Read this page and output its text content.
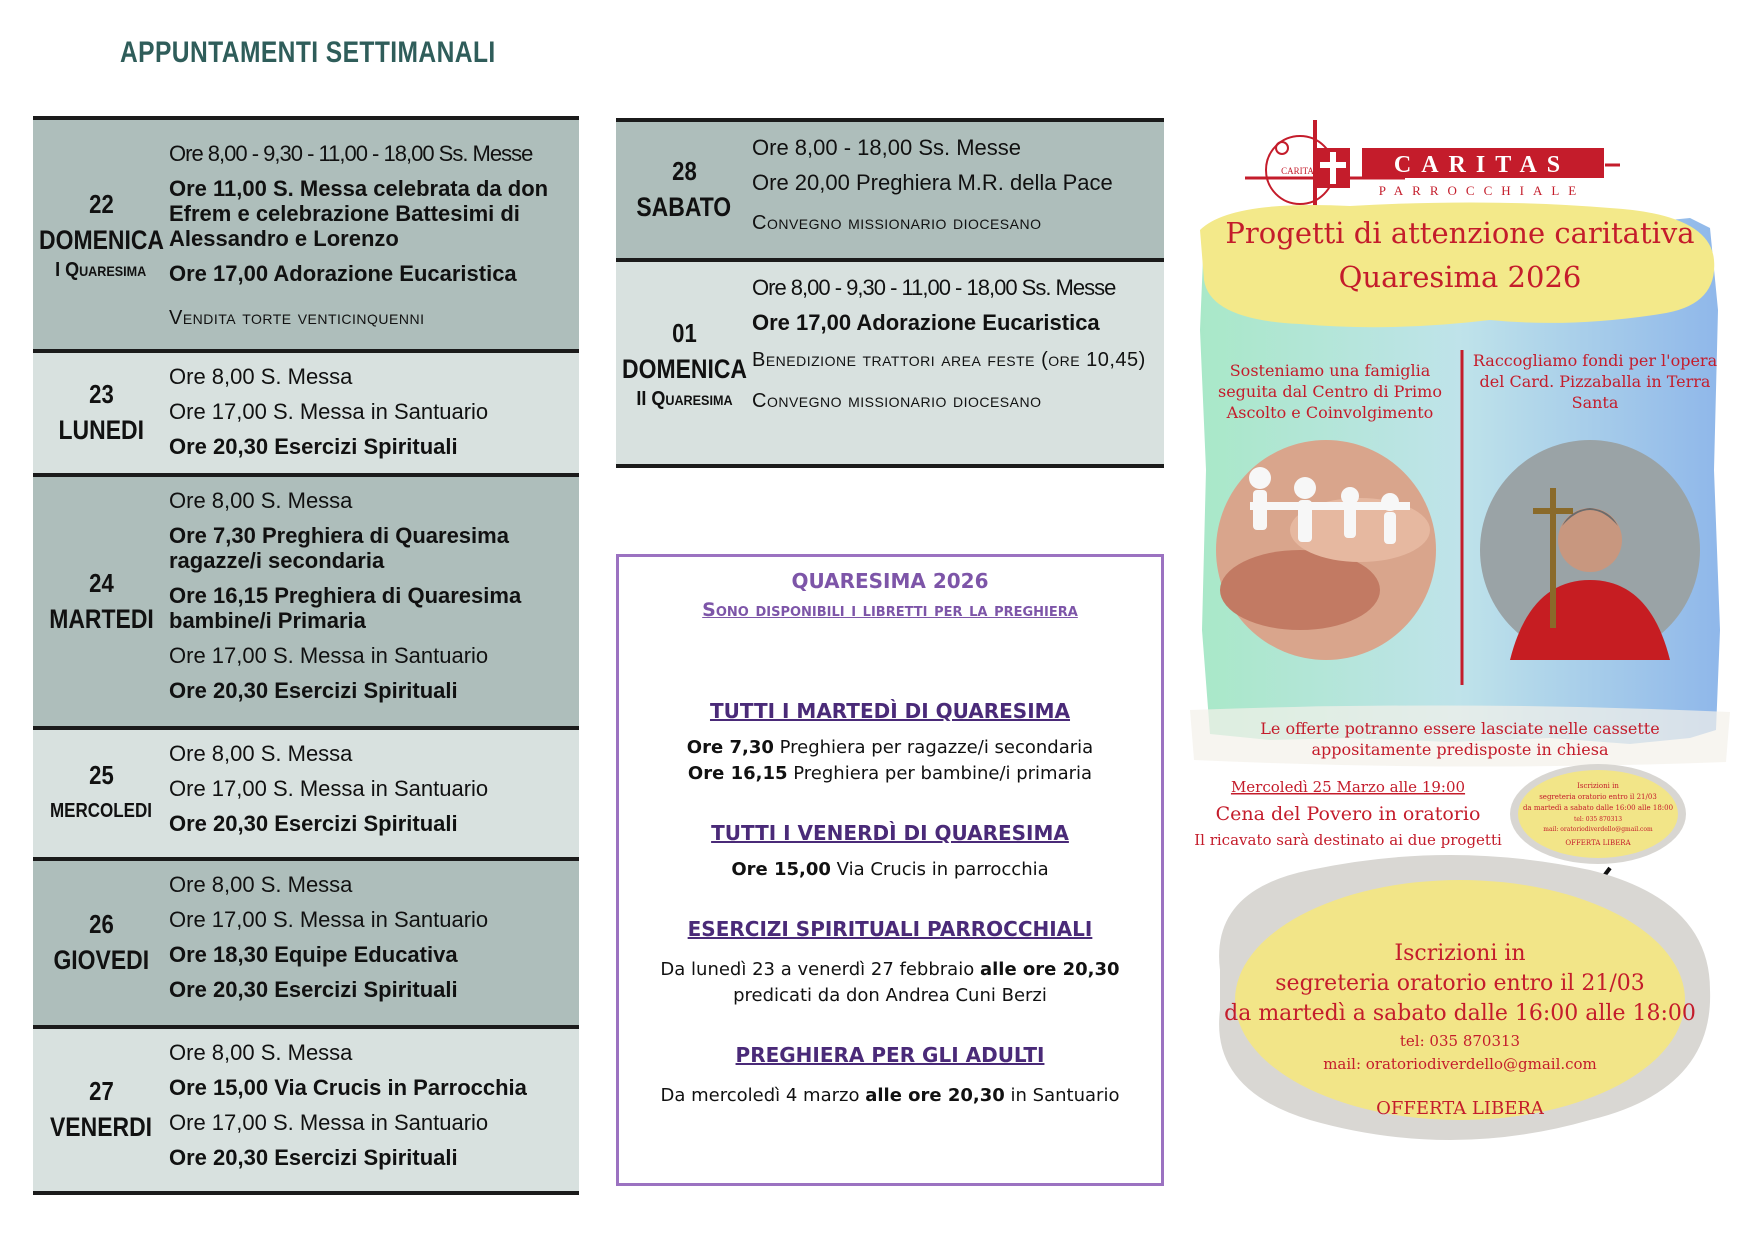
APPUNTAMENTI SETTIMANALI
22
DOMENICA
I Quaresima
Ore 8,00 - 9,30 - 11,00 - 18,00 Ss. Messe
Ore 11,00 S. Messa celebrata da don Efrem e celebrazione Battesimi di Alessandro e Lorenzo
Ore 17,00 Adorazione Eucaristica
Vendita torte venticinquenni
23
LUNEDI
Ore 8,00 S. Messa
Ore 17,00 S. Messa in Santuario
Ore 20,30 Esercizi Spirituali
24
MARTEDI
Ore 8,00 S. Messa
Ore 7,30 Preghiera di Quaresima ragazze/i secondaria
Ore 16,15 Preghiera di Quaresima bambine/i Primaria
Ore 17,00 S. Messa in Santuario
Ore 20,30 Esercizi Spirituali
25
MERCOLEDI
Ore 8,00 S. Messa
Ore 17,00 S. Messa in Santuario
Ore 20,30 Esercizi Spirituali
26
GIOVEDI
Ore 8,00 S. Messa
Ore 17,00 S. Messa in Santuario
Ore 18,30 Equipe Educativa
Ore 20,30 Esercizi Spirituali
27
VENERDI
Ore 8,00 S. Messa
Ore 15,00 Via Crucis in Parrocchia
Ore 17,00 S. Messa in Santuario
Ore 20,30 Esercizi Spirituali
28
SABATO
Ore 8,00 - 18,00 Ss. Messe
Ore 20,00 Preghiera M.R. della Pace
Convegno missionario diocesano
01
DOMENICA
II Quaresima
Ore 8,00 - 9,30 - 11,00 - 18,00 Ss. Messe
Ore 17,00 Adorazione Eucaristica
Benedizione trattori area feste (ore 10,45)
Convegno missionario diocesano
QUARESIMA 2026
Sono disponibili i libretti per la preghiera
TUTTI I MARTEDÌ DI QUARESIMA
Ore 7,30 Preghiera per ragazze/i secondaria
Ore 16,15 Preghiera per bambine/i primaria
TUTTI I VENERDÌ DI QUARESIMA
Ore 15,00 Via Crucis in parrocchia
ESERCIZI SPIRITUALI PARROCCHIALI
Da lunedì 23 a venerdì 27 febbraio alle ore 20,30
predicati da don Andrea Cuni Berzi
PREGHIERA PER GLI ADULTI
Da mercoledì 4 marzo alle ore 20,30 in Santuario
CARITAS	CARITAS
PARROCCHIALE
Progetti di attenzione caritativa
Quaresima 2026
Sosteniamo una famiglia seguita dal Centro di Primo Ascolto e Coinvolgimento
Raccogliamo fondi per l'opera del Card. Pizzaballa in Terra Santa
Le offerte potranno essere lasciate nelle cassette appositamente predisposte in chiesa
Mercoledì 25 Marzo alle 19:00
Cena del Povero in oratorio
Il ricavato sarà destinato ai due progetti
Iscrizioni in
segreteria oratorio entro il 21/03
da martedì a sabato dalle 16:00 alle 18:00
tel: 035 870313
mail: oratoriodiverdello@gmail.com
OFFERTA LIBERA
Iscrizioni in
segreteria oratorio entro il 21/03
da martedì a sabato dalle 16:00 alle 18:00
tel: 035 870313
mail: oratoriodiverdello@gmail.com
OFFERTA LIBERA
